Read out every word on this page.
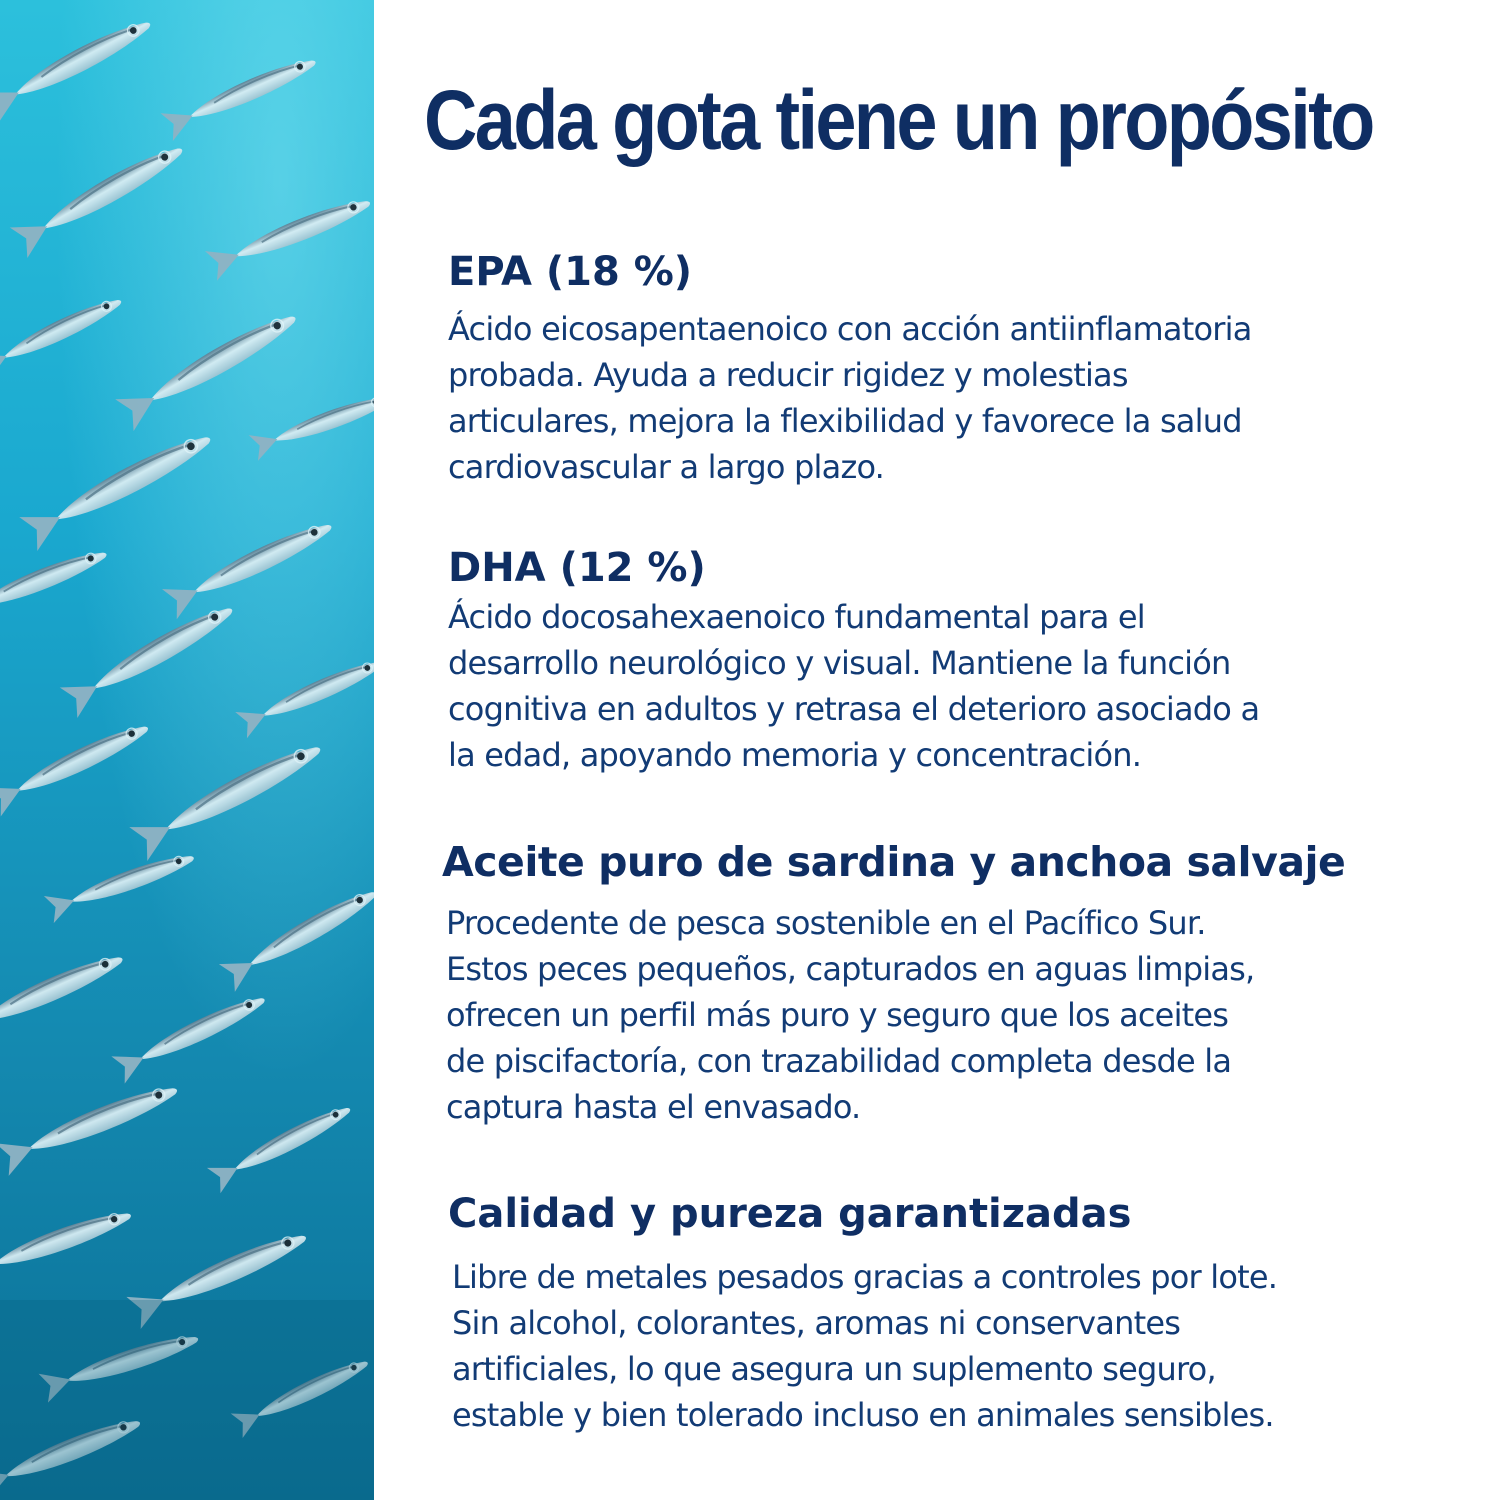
Cada gota tiene un propósito
EPA (18 %)

Ácido eicosapentaenoico con acción antiinflamatoria
probada. Ayuda a reducir rigidez y molestias
articulares, mejora la flexibilidad y favorece la salud
cardiovascular a largo plazo.

DHA (12 %)

Ácido docosahexaenoico fundamental para el
desarrollo neurológico y visual. Mantiene la función
cognitiva en adultos y retrasa el deterioro asociado a
la edad, apoyando memoria y concentración.

Aceite puro de sardina y anchoa salvaje

Procedente de pesca sostenible en el Pacífico Sur.
Estos peces pequeños, capturados en aguas limpias,
ofrecen un perfil más puro y seguro que los aceites
de piscifactoría, con trazabilidad completa desde la
captura hasta el envasado.

Calidad y pureza garantizadas

Libre de metales pesados gracias a controles por lote.
Sin alcohol, colorantes, aromas ni conservantes
artificiales, lo que asegura un suplemento seguro,
estable y bien tolerado incluso en animales sensibles.
